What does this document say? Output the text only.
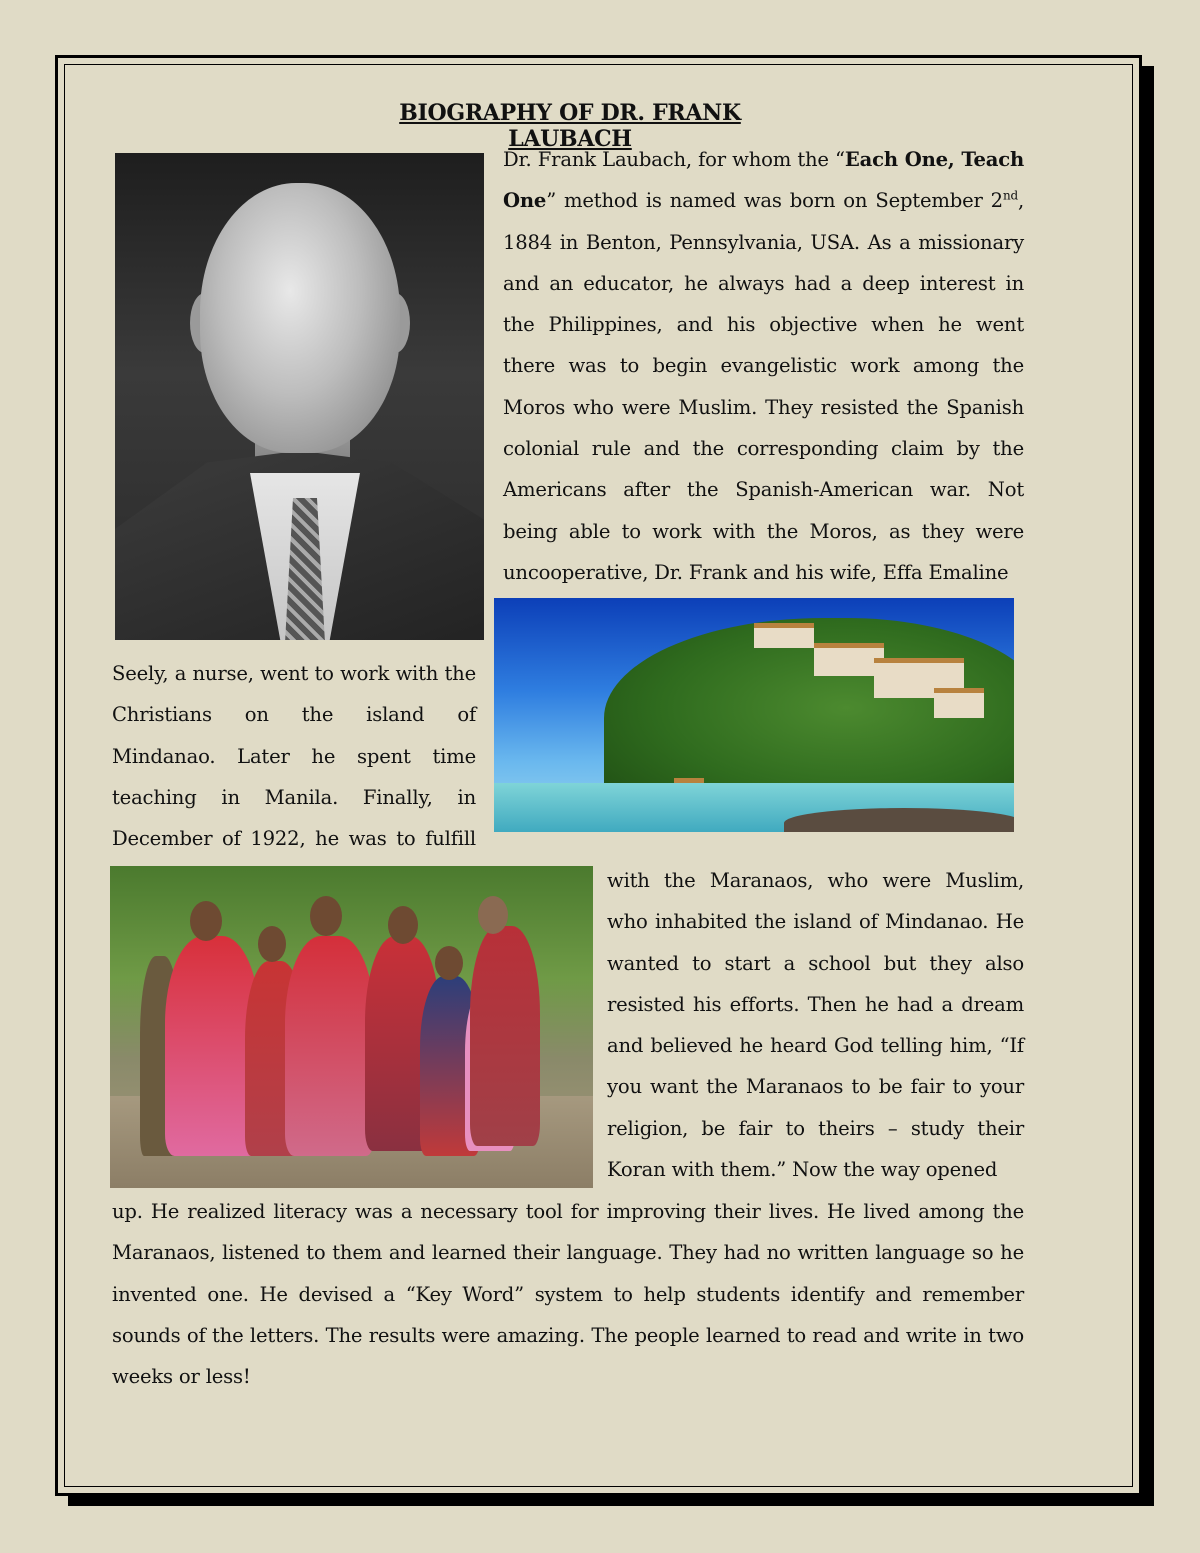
BIOGRAPHY OF DR. FRANK LAUBACH

Dr. Frank Laubach, for whom the “Each One, Teach One” method is named was born on September 2nd, 1884 in Benton, Pennsylvania, USA. As a missionary and an educator, he always had a deep interest in the Philippines, and his objective when he went there was to begin evangelistic work among the Moros who were Muslim. They resisted the Spanish colonial rule and the corresponding claim by the Americans after the Spanish-American war. Not being able to work with the Moros, as they were uncooperative, Dr. Frank and his wife, Effa Emaline

Seely, a nurse, went to work with the Christians on the island of Mindanao. Later he spent time teaching in Manila. Finally, in December of 1922, he was to fulfill

with the Maranaos, who were Muslim, who inhabited the island of Mindanao. He wanted to start a school but they also resisted his efforts. Then he had a dream and believed he heard God telling him, “If you want the Maranaos to be fair to your religion, be fair to theirs – study their Koran with them.” Now the way opened

up. He realized literacy was a necessary tool for improving their lives. He lived among the Maranaos, listened to them and learned their language. They had no written language so he invented one. He devised a “Key Word” system to help students identify and remember sounds of the letters. The results were amazing. The people learned to read and write in two weeks or less!
